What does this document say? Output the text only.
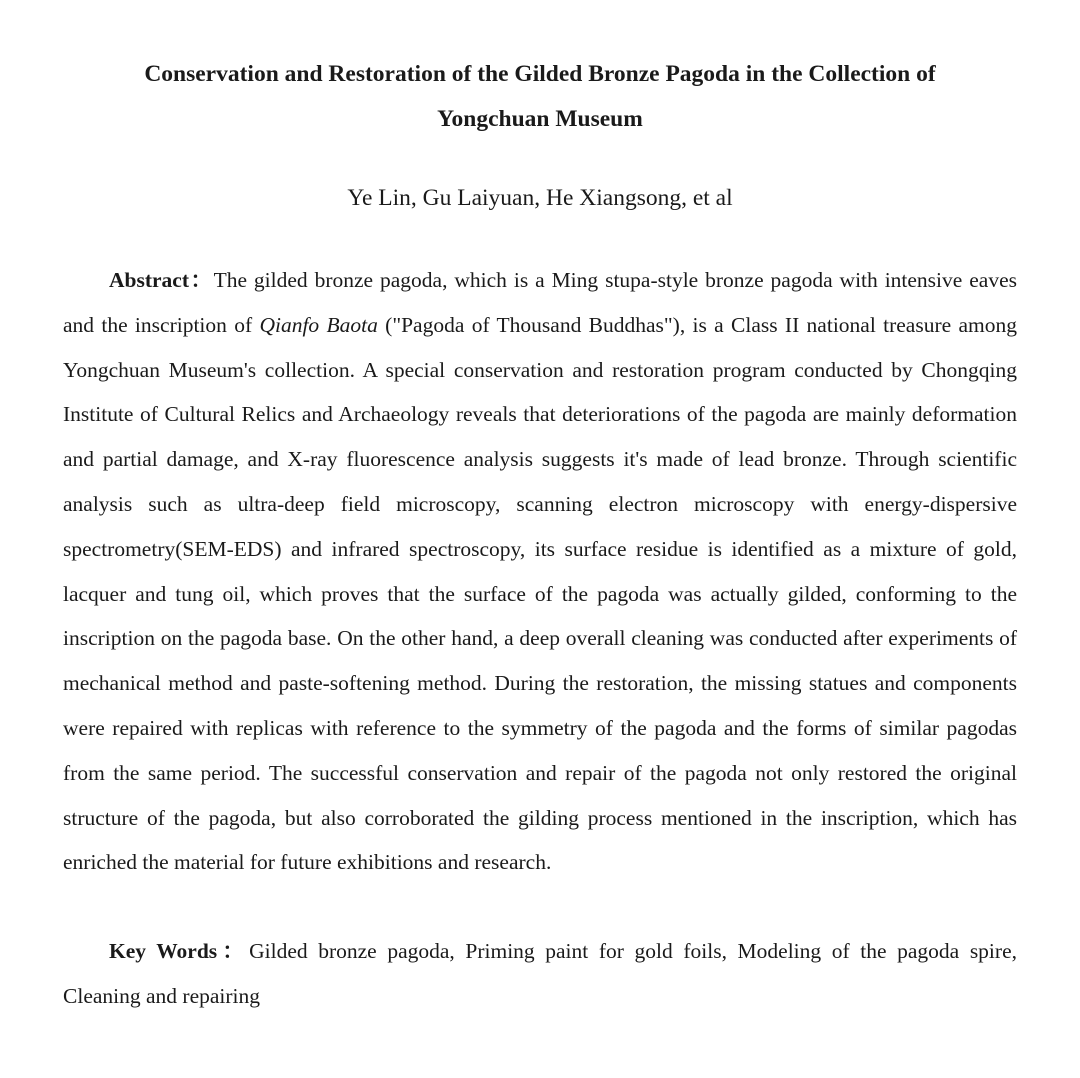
Conservation and Restoration of the Gilded Bronze Pagoda in the Collection of
Yongchuan Museum
Ye Lin, Gu Laiyuan, He Xiangsong, et al
Abstract：The gilded bronze pagoda, which is a Ming stupa-style bronze pagoda with intensive eaves and the inscription of Qianfo Baota ("Pagoda of Thousand Buddhas"), is a Class II national treasure among Yongchuan Museum's collection. A special conservation and restoration program conducted by Chongqing Institute of Cultural Relics and Archaeology reveals that deteriorations of the pagoda are mainly deformation and partial damage, and X-ray fluorescence analysis suggests it's made of lead bronze. Through scientific analysis such as ultra-deep field microscopy, scanning electron microscopy with energy-dispersive spectrometry(SEM-EDS) and infrared spectroscopy, its surface residue is identified as a mixture of gold, lacquer and tung oil, which proves that the surface of the pagoda was actually gilded, conforming to the inscription on the pagoda base. On the other hand, a deep overall cleaning was conducted after experiments of mechanical method and paste-softening method. During the restoration, the missing statues and components were repaired with replicas with reference to the symmetry of the pagoda and the forms of similar pagodas from the same period. The successful conservation and repair of the pagoda not only restored the original structure of the pagoda, but also corroborated the gilding process mentioned in the inscription, which has enriched the material for future exhibitions and research.
Key Words：Gilded bronze pagoda, Priming paint for gold foils, Modeling of the pagoda spire, Cleaning and repairing
